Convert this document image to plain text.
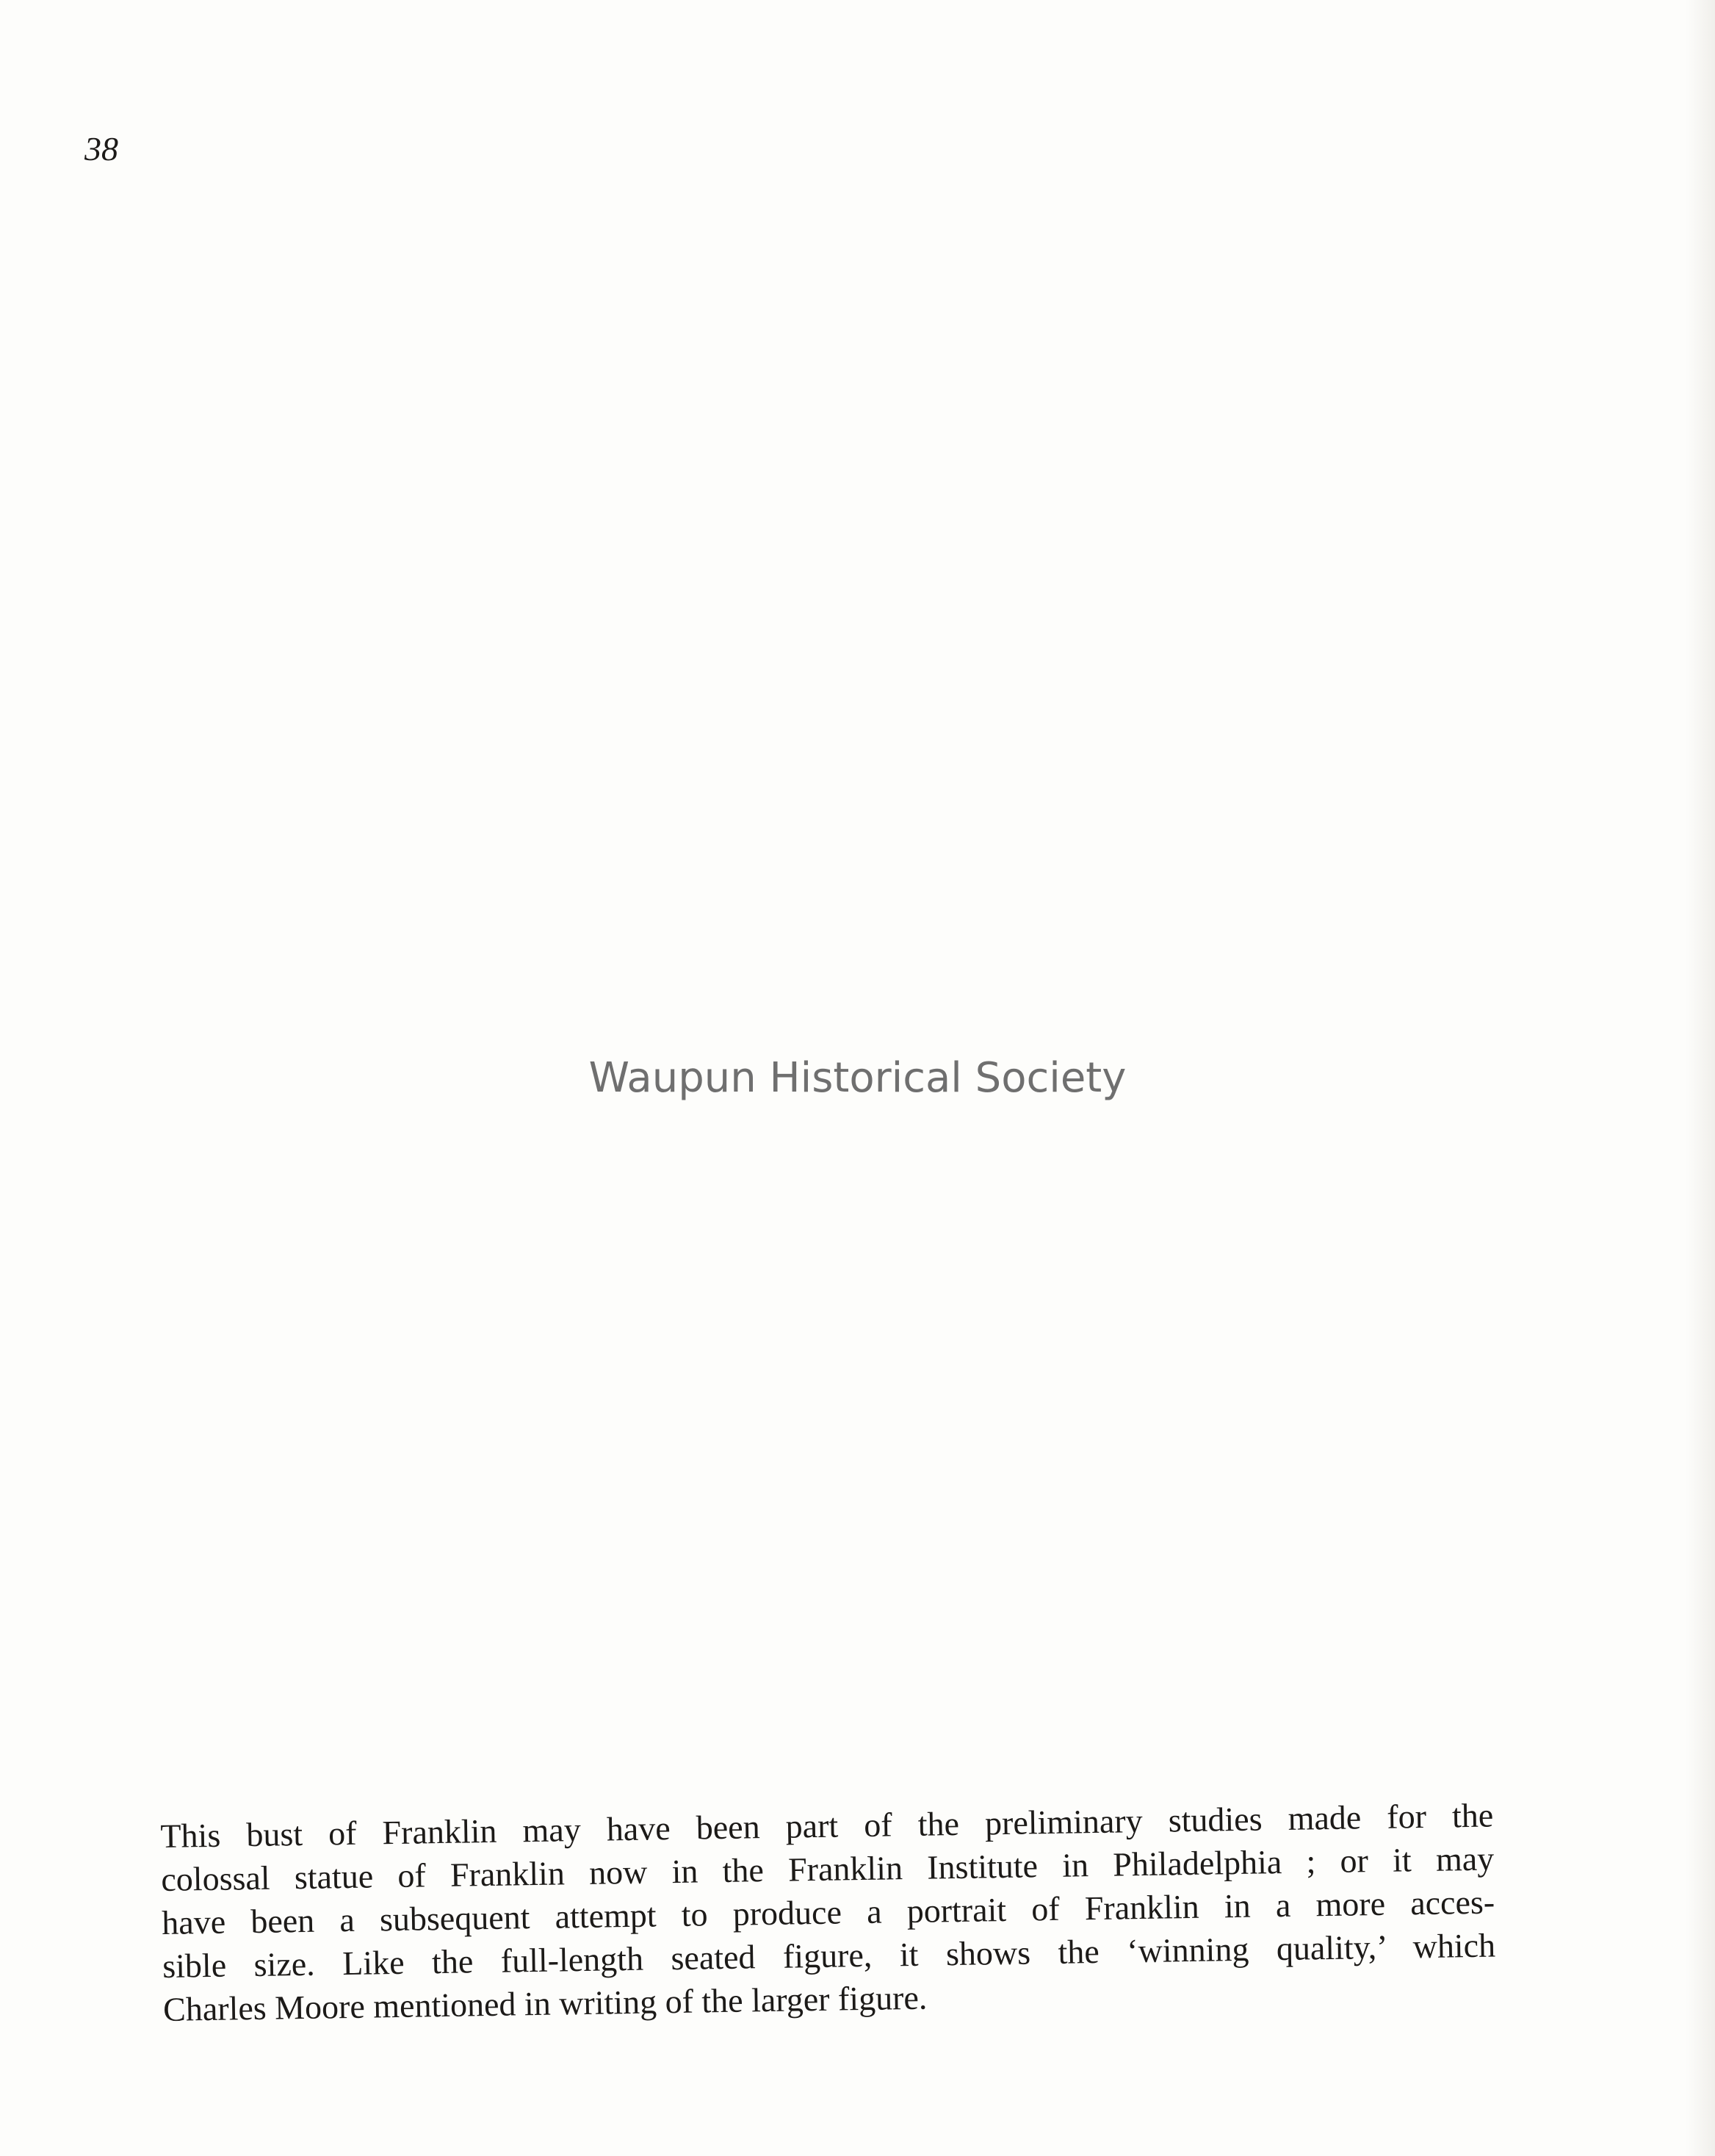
38
Waupun Historical Society
This bust of Franklin may have been part of the preliminary studies made for the
colossal statue of Franklin now in the Franklin Institute in Philadelphia ; or it may
have been a subsequent attempt to produce a portrait of Franklin in a more acces-
sible size. Like the full-length seated figure, it shows the ‘winning quality,’ which
Charles Moore mentioned in writing of the larger figure.
